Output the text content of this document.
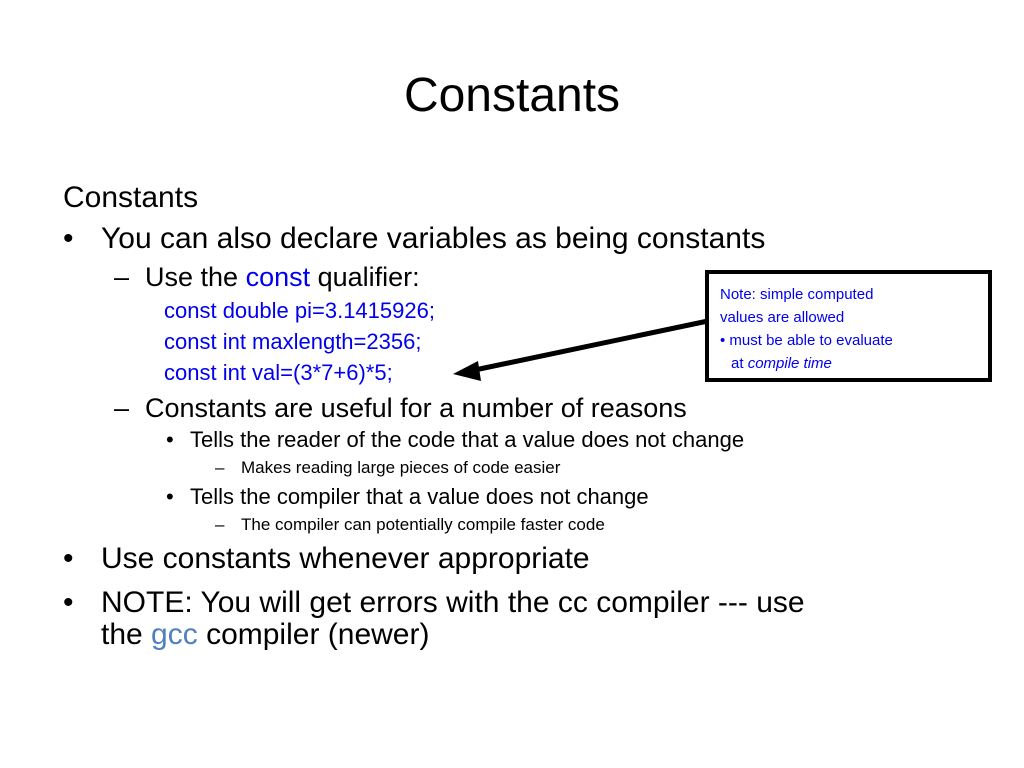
Constants
Constants
• You can also declare variables as being constants
– Use the const qualifier:
const double pi=3.1415926;
const int maxlength=2356;
const int val=(3*7+6)*5;
– Constants are useful for a number of reasons
• Tells the reader of the code that a value does not change
– Makes reading large pieces of code easier
• Tells the compiler that a value does not change
– The compiler can potentially compile faster code
• Use constants whenever appropriate
• NOTE: You will get errors with the cc compiler --- use
the gcc compiler (newer)
Note: simple computed
values are allowed
• must be able to evaluate
at compile time
